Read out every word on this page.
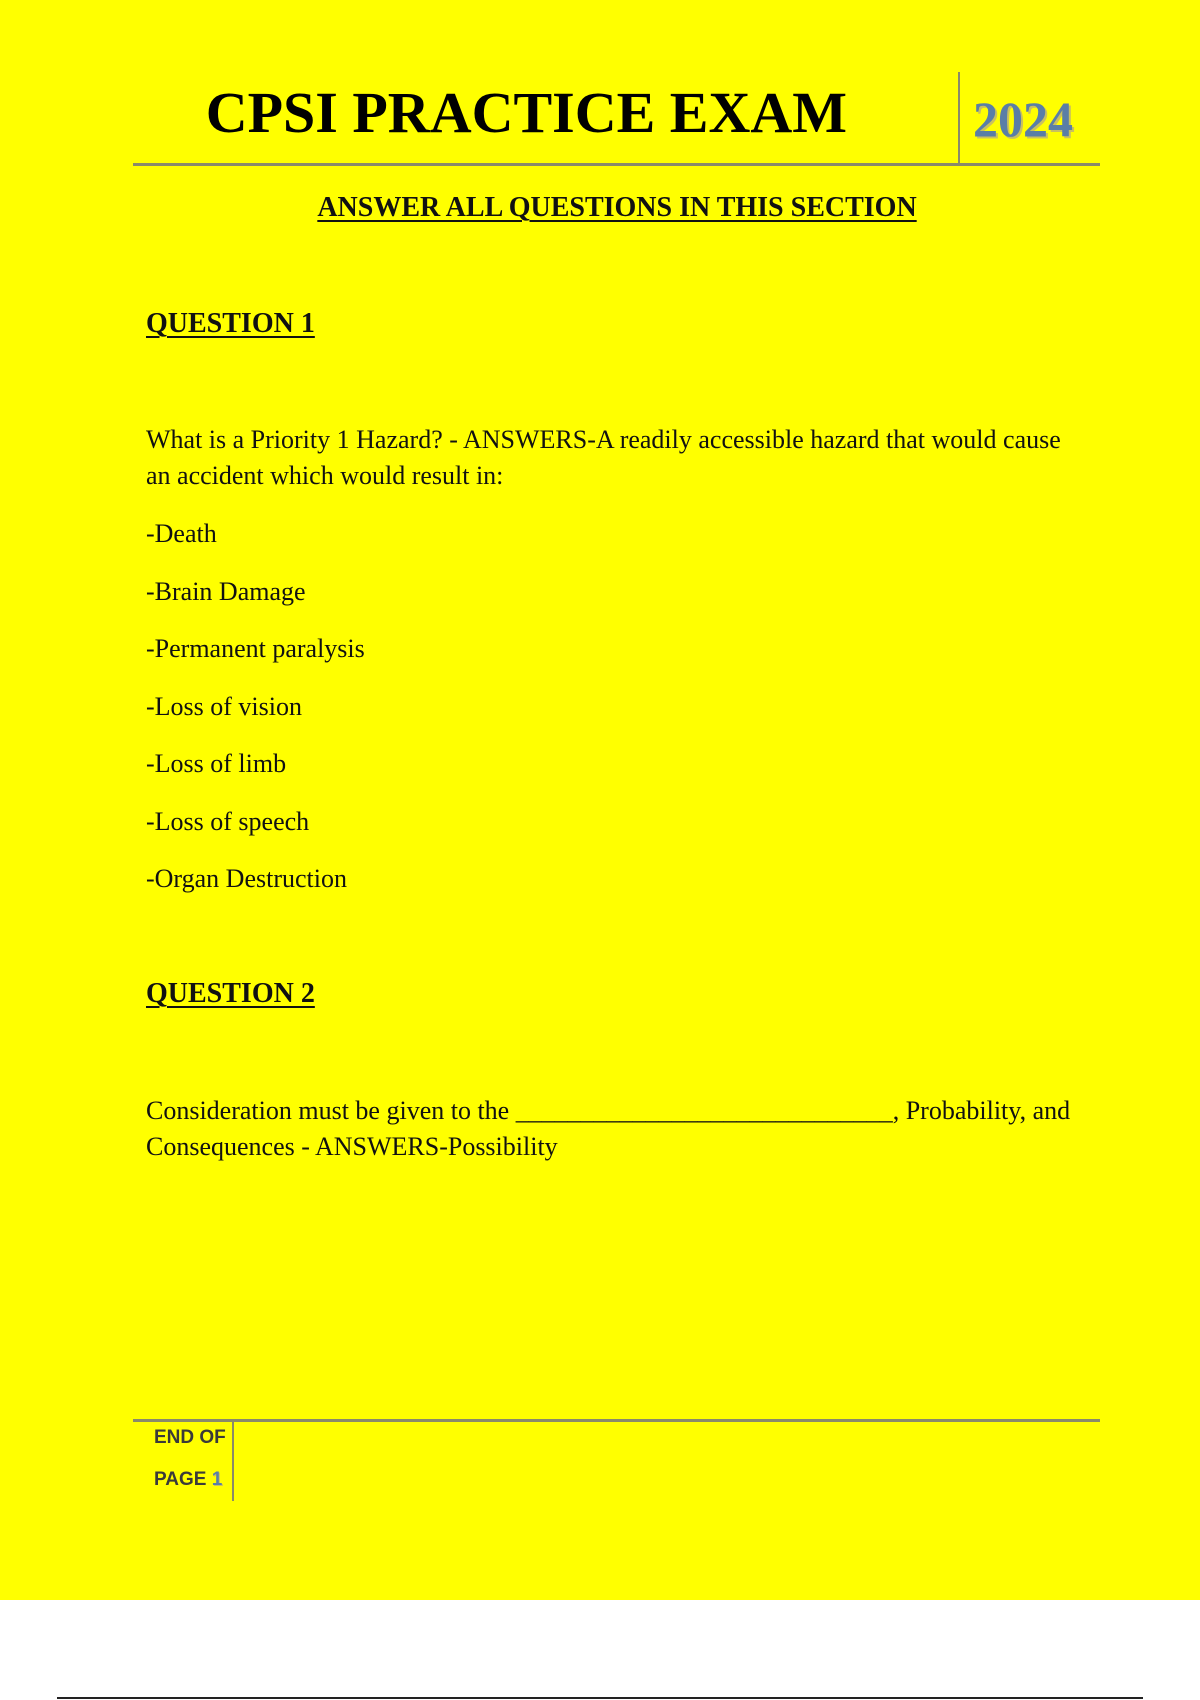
CPSI PRACTICE EXAM	2024
ANSWER ALL QUESTIONS IN THIS SECTION
QUESTION 1
What is a Priority 1 Hazard? - ANSWERS-A readily accessible hazard that would cause an accident which would result in:
-Death
-Brain Damage
-Permanent paralysis
-Loss of vision
-Loss of limb
-Loss of speech
-Organ Destruction
QUESTION 2
Consideration must be given to the _____________________________, Probability, and Consequences - ANSWERS-Possibility
END OF
PAGE 1
